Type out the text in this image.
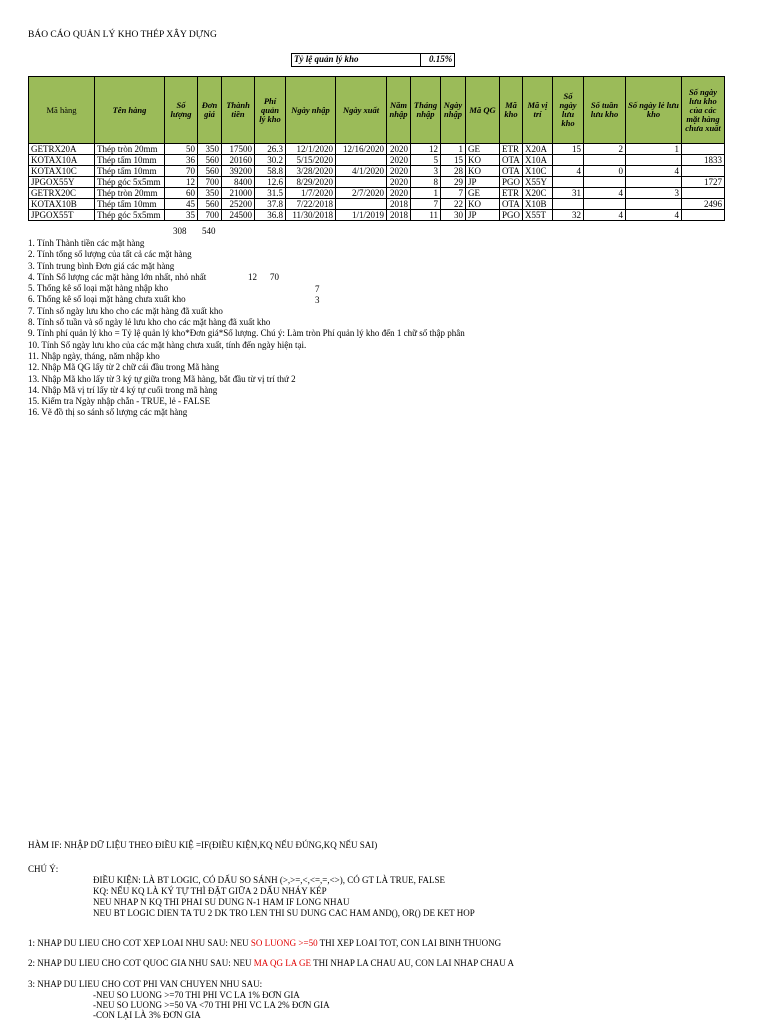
BÁO CÁO QUẢN LÝ KHO THÉP XÂY DỰNG
Tỷ lệ quản lý kho	0.15%
Mã hàng	Tên hàng	Số lượng	Đơn giá	Thành tiền	Phí quản lý kho	Ngày nhập	Ngày xuất	Năm nhập	Tháng nhập	Ngày nhập	Mã QG	Mã kho	Mã vị trí	Số ngày lưu kho	Số tuần lưu kho	Số ngày lẻ lưu kho	Số ngày lưu kho của các mặt hàng chưa xuất
GETRX20A	Thép tròn 20mm	50	350	17500	26.3	12/1/2020	12/16/2020	2020	12	1	GE	ETR	X20A	15	2	1	
KOTAX10A	Thép tấm 10mm	36	560	20160	30.2	5/15/2020		2020	5	15	KO	OTA	X10A				1833
KOTAX10C	Thép tấm 10mm	70	560	39200	58.8	3/28/2020	4/1/2020	2020	3	28	KO	OTA	X10C	4	0	4	
JPGOX55Y	Thép góc 5x5mm	12	700	8400	12.6	8/29/2020		2020	8	29	JP	PGO	X55Y				1727
GETRX20C	Thép tròn 20mm	60	350	21000	31.5	1/7/2020	2/7/2020	2020	1	7	GE	ETR	X20C	31	4	3	
KOTAX10B	Thép tấm 10mm	45	560	25200	37.8	7/22/2018		2018	7	22	KO	OTA	X10B				2496
JPGOX55T	Thép góc 5x5mm	35	700	24500	36.8	11/30/2018	1/1/2019	2018	11	30	JP	PGO	X55T	32	4	4	
308 540
1. Tính Thành tiền các mặt hàng
2. Tính tổng số lượng của tất cả các mặt hàng
3. Tính trung bình Đơn giá các mặt hàng
4. Tính Số lượng các mặt hàng lớn nhất, nhỏ nhất
5. Thống kê số loại mặt hàng nhập kho
6. Thống kê số loại mặt hàng chưa xuất kho
7. Tính số ngày lưu kho cho các mặt hàng đã xuất kho
8. Tính số tuần và số ngày lẻ lưu kho cho các mặt hàng đã xuất kho
9. Tính phí quản lý kho = Tỷ lệ quản lý kho*Đơn giá*Số lượng. Chú ý: Làm tròn Phí quản lý kho đến 1 chữ số thập phân
10. Tính Số ngày lưu kho của các mặt hàng chưa xuất, tính đến ngày hiện tại.
11. Nhập ngày, tháng, năm nhập kho
12. Nhập Mã QG lấy từ 2 chữ cái đầu trong Mã hàng
13. Nhập Mã kho lấy từ 3 ký tự giữa trong Mã hàng, bắt đầu từ vị trí thứ 2
14. Nhập Mã vị trí lấy từ 4 ký tự cuối trong mã hàng
15. Kiểm tra Ngày nhập chẵn - TRUE, lẻ - FALSE
16. Vẽ đồ thị so sánh số lượng các mặt hàng
12 70
7
3
HÀM IF: NHẬP DỮ LIỆU THEO ĐIỀU KIỆ =IF(ĐIỀU KIỆN,KQ NẾU ĐÚNG,KQ NẾU SAI)
CHÚ Ý:
ĐIỀU KIỆN: LÀ BT LOGIC, CÓ DẤU SO SÁNH (>,>=,<,<=,=,<>), CÓ GT LÀ TRUE, FALSE
KQ: NẾU KQ LÀ KÝ TỰ THÌ ĐẶT GIỮA 2 DẤU NHÁY KÉP
NEU NHAP N KQ THI PHAI SU DUNG N-1 HAM IF LONG NHAU
NEU BT LOGIC DIEN TA TU 2 DK TRO LEN THI SU DUNG CAC HAM AND(), OR() DE KET HOP
1: NHAP DU LIEU CHO COT XEP LOAI NHU SAU: NEU SO LUONG >=50 THI XEP LOAI TOT, CON LAI BINH THUONG
2: NHAP DU LIEU CHO COT QUOC GIA NHU SAU: NEU MA QG LA GE THI NHAP LA CHAU AU, CON LAI NHAP CHAU A
3: NHAP DU LIEU CHO COT PHI VAN CHUYEN NHU SAU:
-NEU SO LUONG >=70 THI PHI VC LA 1% ĐƠN GIA
-NEU SO LUONG >=50 VA <70 THI PHI VC LA 2% ĐƠN GIA
-CON LẠI LÀ 3% ĐƠN GIA
